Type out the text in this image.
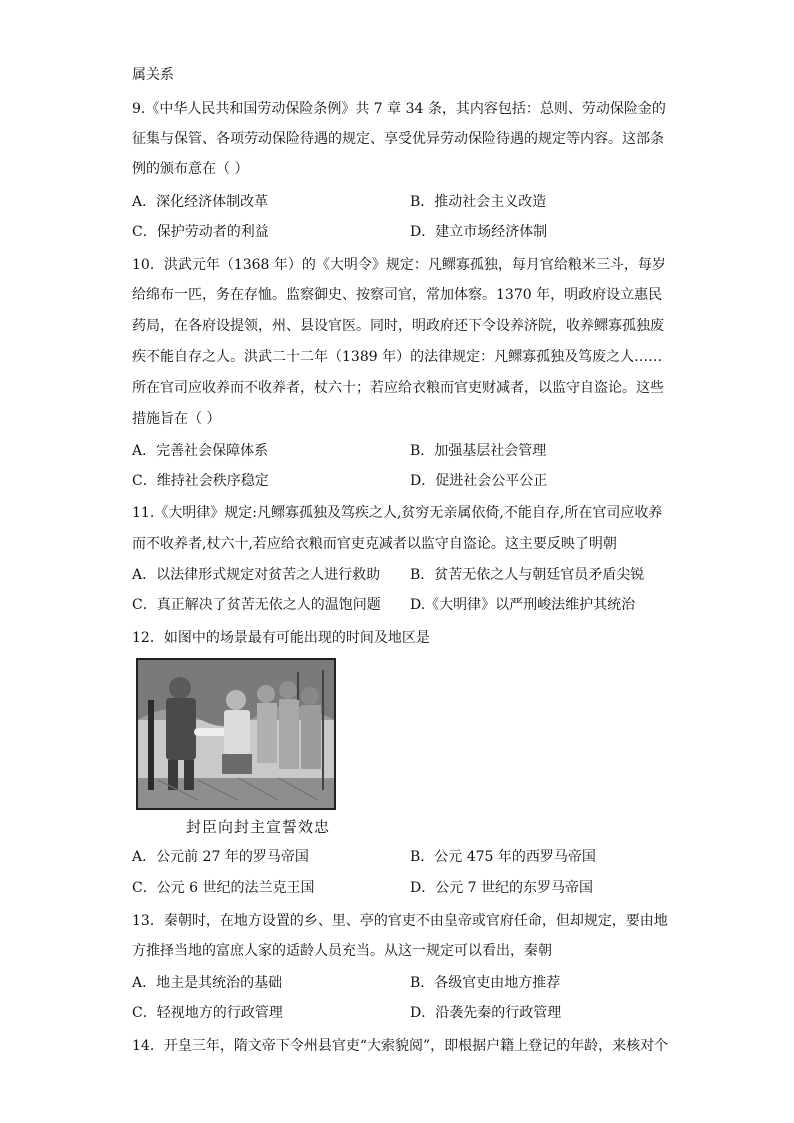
属关系
9.《中华人民共和国劳动保险条例》共 7 章 34 条，其内容包括：总则、劳动保险金的
征集与保管、各项劳动保险待遇的规定、享受优异劳动保险待遇的规定等内容。这部条
例的颁布意在（ ）
A．深化经济体制改革	B．推动社会主义改造
C．保护劳动者的利益	D．建立市场经济体制
10．洪武元年（1368 年）的《大明令》规定：凡鳏寡孤独，每月官给粮米三斗，每岁
给绵布一匹，务在存恤。监察御史、按察司官，常加体察。1370 年，明政府设立惠民
药局，在各府设提领，州、县设官医。同时，明政府还下令设养济院，收养鳏寡孤独废
疾不能自存之人。洪武二十二年（1389 年）的法律规定：凡鳏寡孤独及笃废之人……
所在官司应收养而不收养者，杖六十；若应给衣粮而官吏财减者，以监守自盗论。这些
措施旨在（ ）
A．完善社会保障体系	B．加强基层社会管理
C．维持社会秩序稳定	D．促进社会公平公正
11.《大明律》规定:凡鳏寡孤独及笃疾之人,贫穷无亲属依倚,不能自存,所在官司应收养
而不收养者,杖六十,若应给衣粮而官吏克减者以监守自盗论。这主要反映了明朝
A．以法律形式规定对贫苦之人进行救助 B．贫苦无依之人与朝廷官员矛盾尖锐
C．真正解决了贫苦无依之人的温饱问题 D.《大明律》以严刑峻法维护其统治
12．如图中的场景最有可能出现的时间及地区是
封臣向封主宣誓效忠
A．公元前 27 年的罗马帝国	B．公元 475 年的西罗马帝国
C．公元 6 世纪的法兰克王国	D．公元 7 世纪的东罗马帝国
13．秦朝时，在地方设置的乡、里、亭的官吏不由皇帝或官府任命，但却规定，要由地
方推择当地的富庶人家的适龄人员充当。从这一规定可以看出，秦朝
A．地主是其统治的基础	B．各级官吏由地方推荐
C．轻视地方的行政管理	D．沿袭先秦的行政管理
14．开皇三年，隋文帝下令州县官吏“大索貌阅”，即根据户籍上登记的年龄，来核对个
